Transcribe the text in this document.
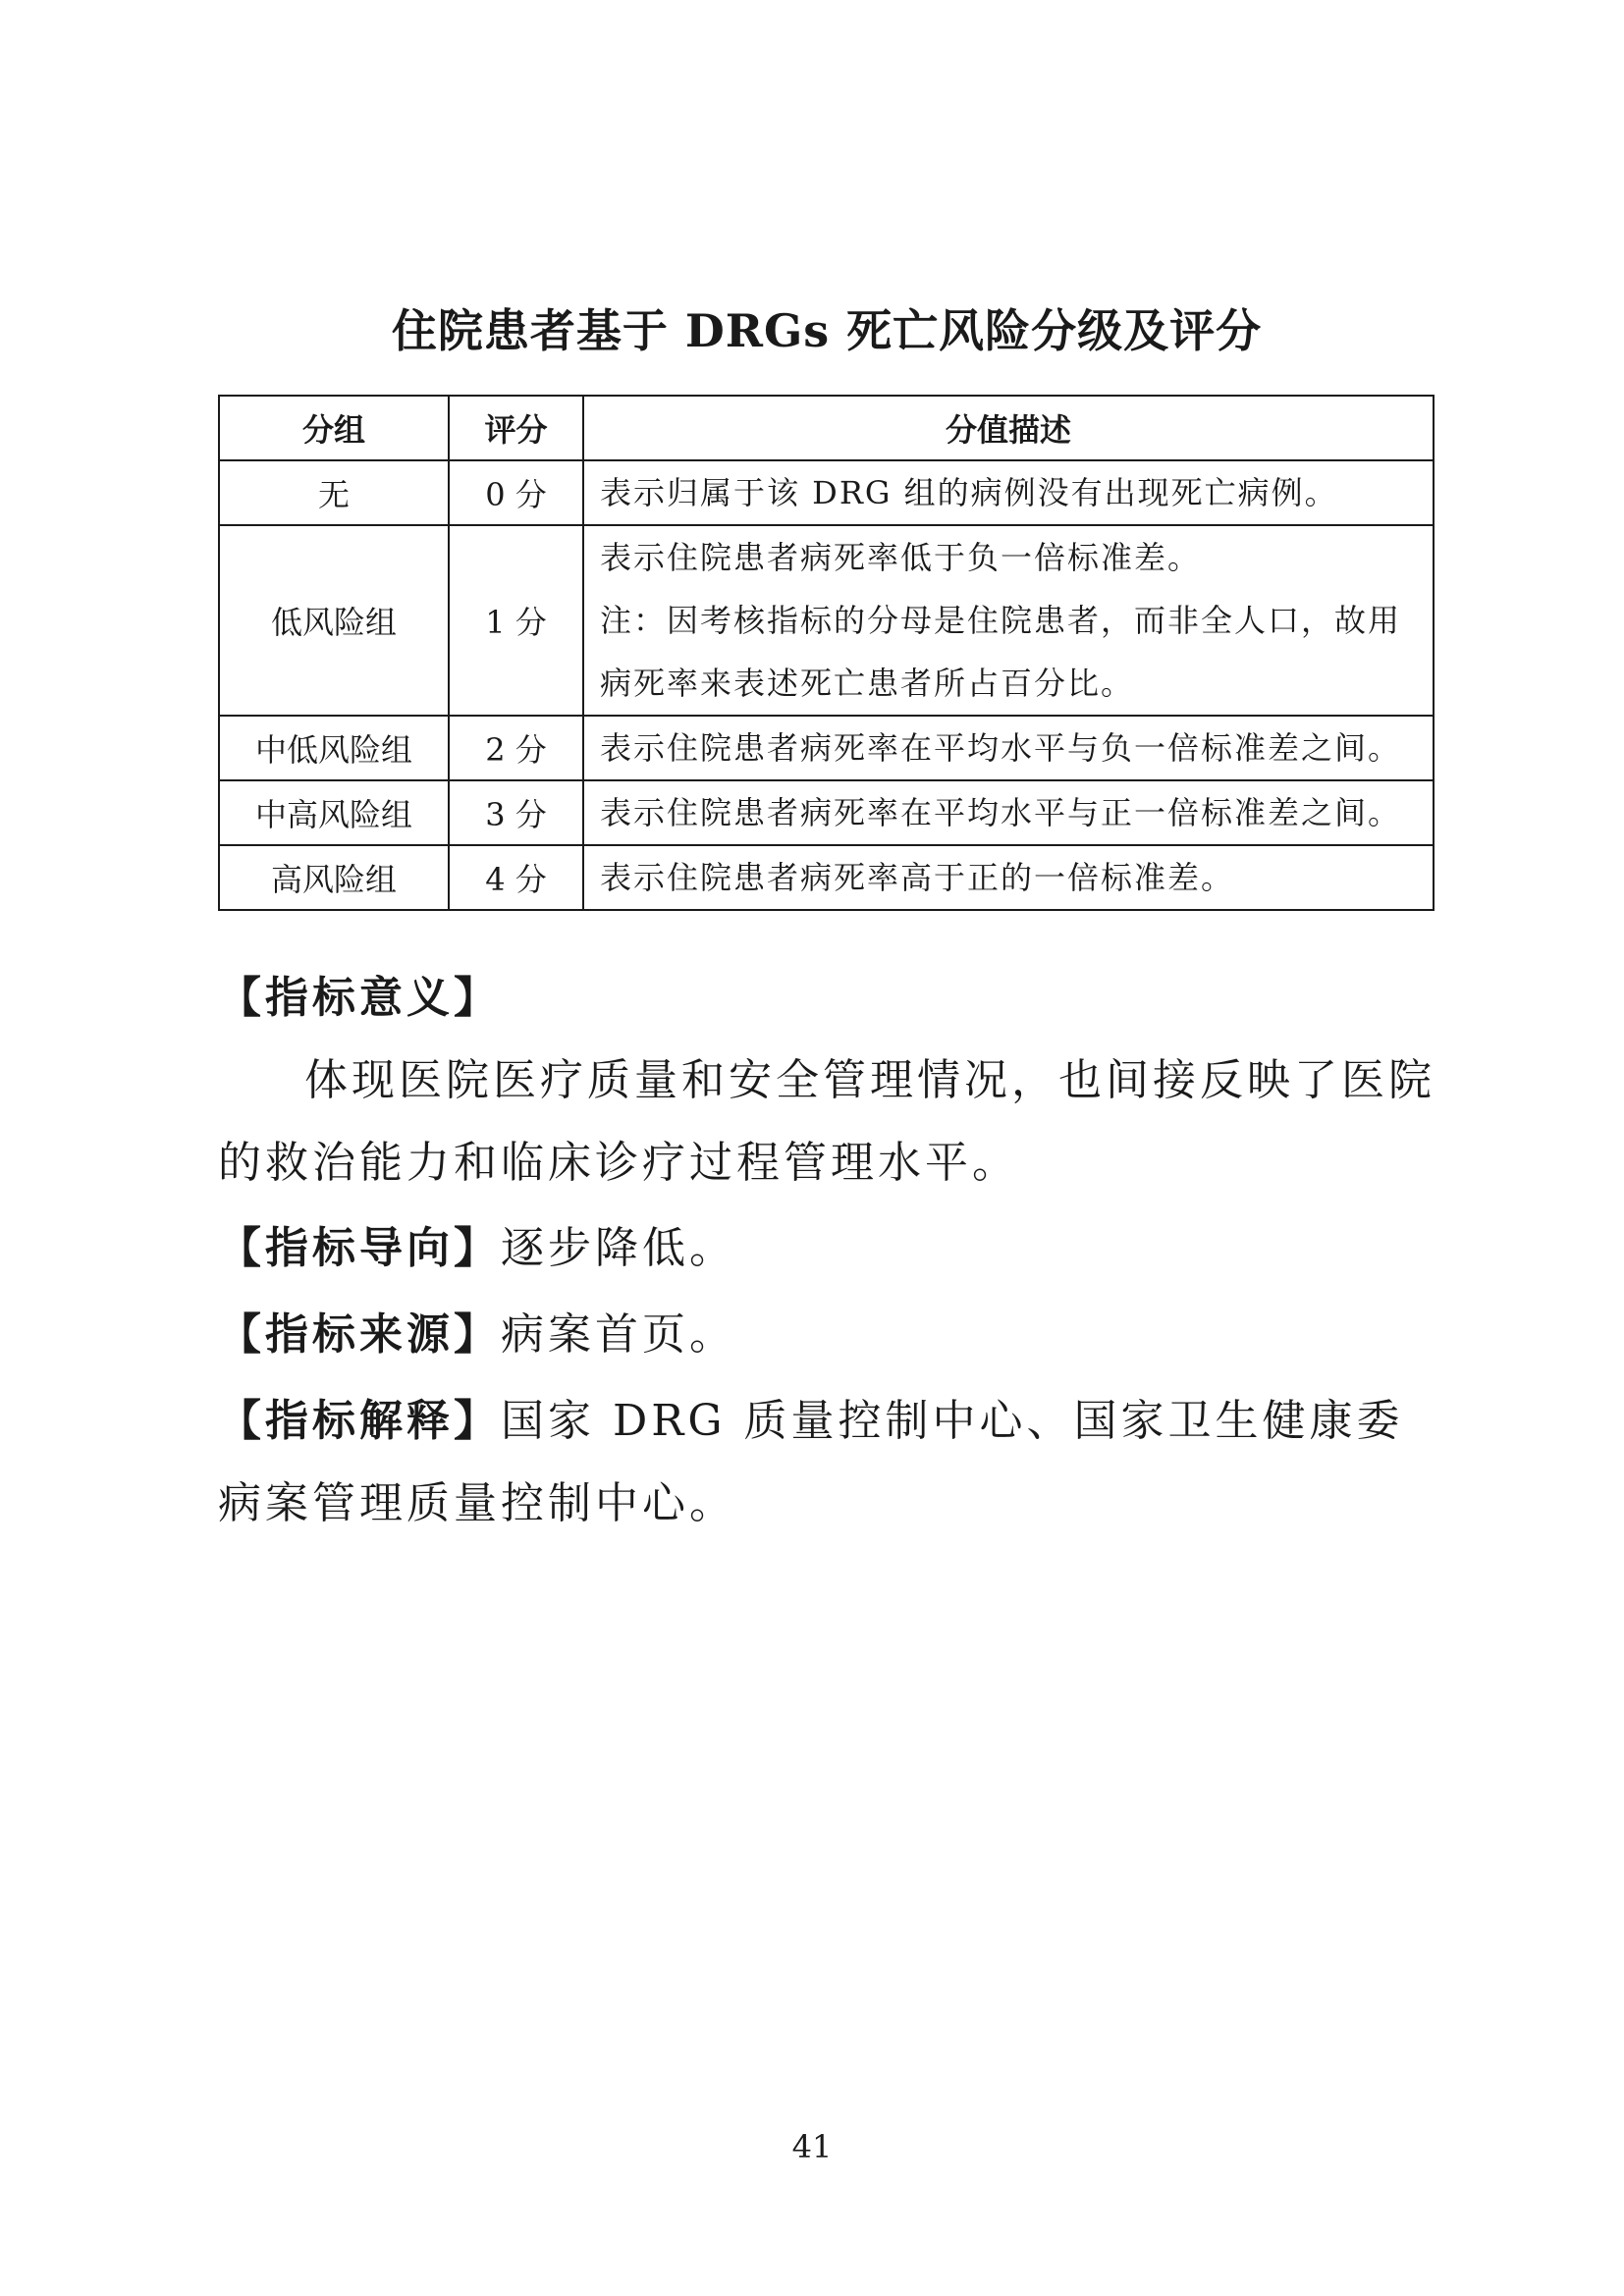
住院患者基于 DRGs 死亡风险分级及评分
分组	评分	分值描述
无	0 分	表示归属于该 DRG 组的病例没有出现死亡病例。

低风险组	1 分	表示住院患者病死率低于负一倍标准差。
注：因考核指标的分母是住院患者，而非全人口，故用
病死率来表述死亡患者所占百分比。

中低风险组	2 分	表示住院患者病死率在平均水平与负一倍标准差之间。

中高风险组	3 分	表示住院患者病死率在平均水平与正一倍标准差之间。

高风险组	4 分	表示住院患者病死率高于正的一倍标准差。
【指标意义】
体现医院医疗质量和安全管理情况，也间接反映了医院的救治能力和临床诊疗过程管理水平。
【指标导向】逐步降低。
【指标来源】病案首页。
【指标解释】国家 DRG 质量控制中心、国家卫生健康委病案管理质量控制中心。
41
